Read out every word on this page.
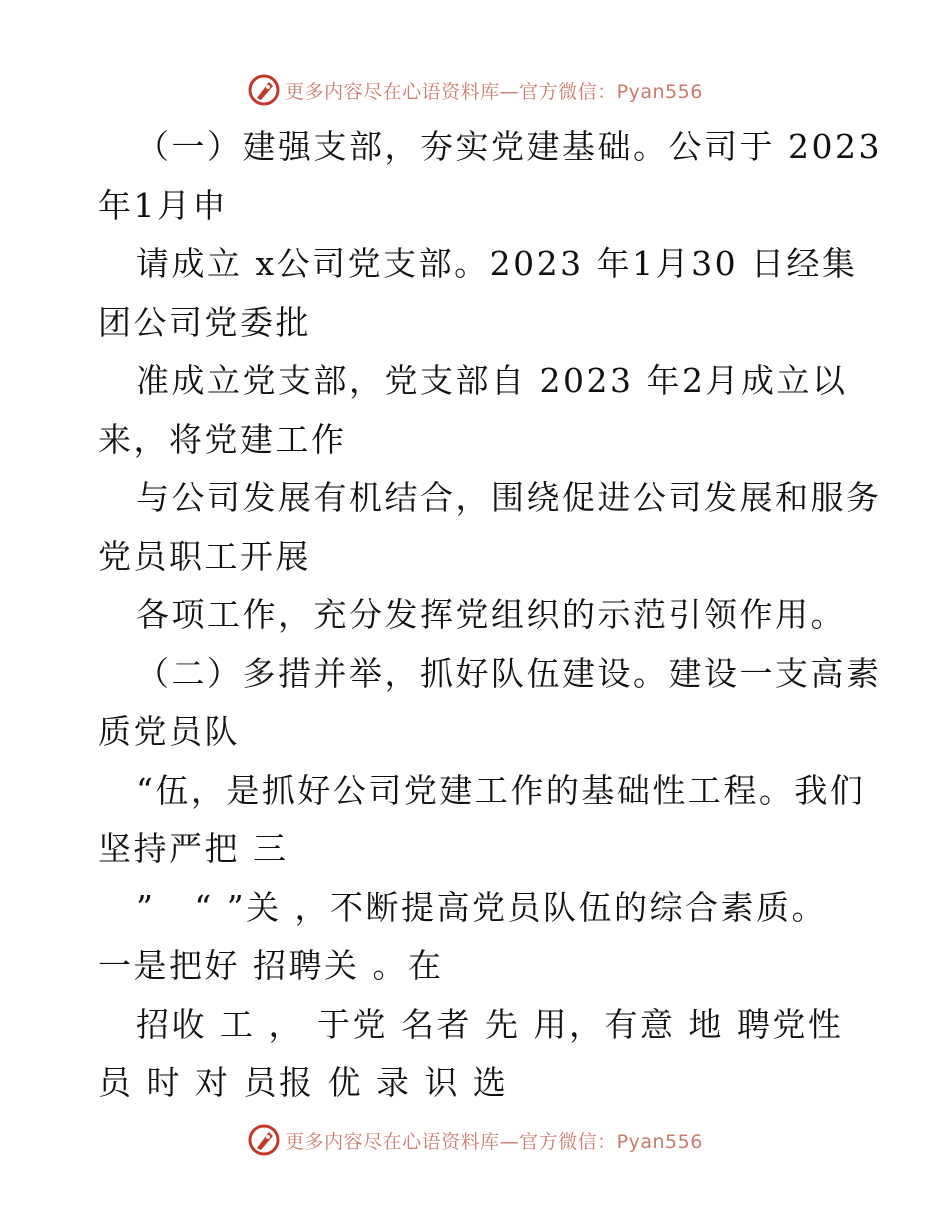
更多内容尽在心语资料库—官方微信：Pyan556
（一）建强支部，夯实党建基础。公司于 2023
年1月申
请成立 x公司党支部。2023 年1月30 日经集
团公司党委批
准成立党支部，党支部自 2023 年2月成立以
来，将党建工作
与公司发展有机结合，围绕促进公司发展和服务
党员职工开展
各项工作，充分发挥党组织的示范引领作用。
（二）多措并举，抓好队伍建设。建设一支高素
质党员队
“伍，是抓好公司党建工作的基础性工程。我们
坚持严把 三
”   “ ”关 ，不断提高党员队伍的综合素质。
一是把好 招聘关 。在
招收 工 ， 于党 名者 先 用，有意 地 聘党性
员 时 对 员报 优 录 识 选
更多内容尽在心语资料库—官方微信：Pyan556
